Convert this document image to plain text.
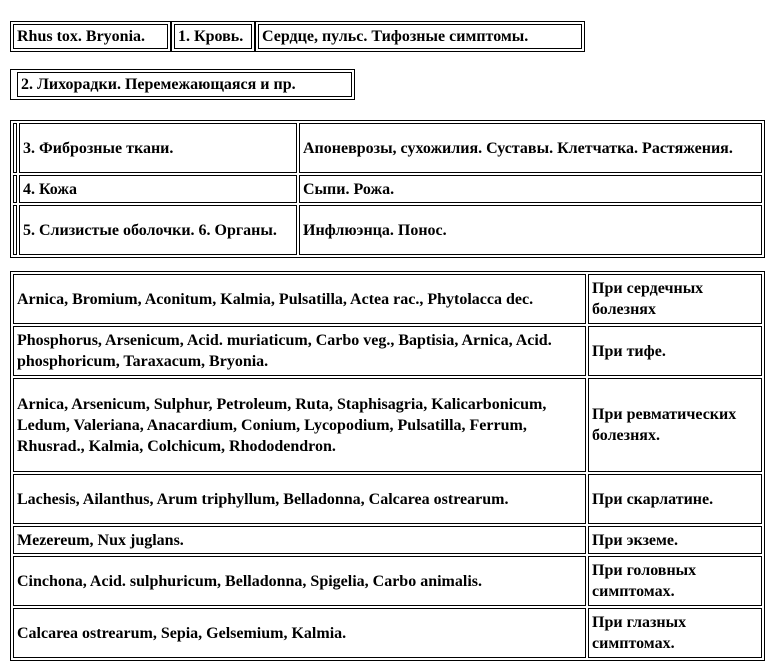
Rhus tox. Bryonia.	1. Кровь.	Сердце, пульс. Тифозные симптомы.
2. Лихорадки. Перемежающаяся и пр.
	3. Фиброзные ткани.	Апоневрозы, сухожилия. Суставы. Клетчатка. Растяжения.
	4. Кожа	Сыпи. Рожа.
	5. Слизистые оболочки. 6. Органы.	Инфлюэнца. Понос.
Arnica, Bromium, Aconitum, Kalmia, Pulsatilla, Actea rac., Phytolacca dec.	При сердечных болезнях
Phosphorus, Arsenicum, Acid. muriaticum, Carbo veg., Baptisia, Arnica, Acid. phosphoricum, Taraxacum, Bryonia.	При тифе.
Arnica, Arsenicum, Sulphur, Petroleum, Ruta, Staphisagria, Kalicarbonicum, Ledum, Valeriana, Anacardium, Conium, Lycopodium, Pulsatilla, Ferrum, Rhusrad., Kalmia, Colchicum, Rhododendron.	При ревматических болезнях.
Lachesis, Ailanthus, Arum triphyllum, Belladonna, Calcarea ostrearum.	При скарлатине.
Mezereum, Nux juglans.	При экземе.
Cinchona, Acid. sulphuricum, Belladonna, Spigelia, Carbo animalis.	При головных симптомах.
Calcarea ostrearum, Sepia, Gelsemium, Kalmia.	При глазных симптомах.
